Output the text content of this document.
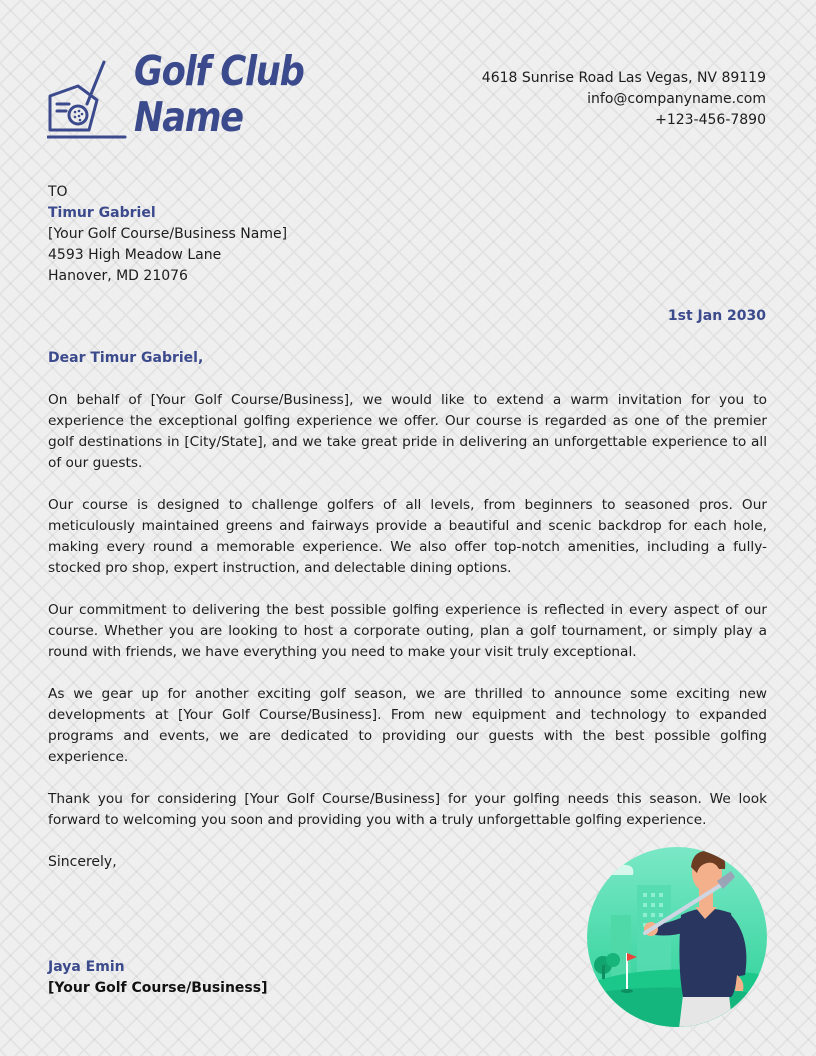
Golf Club Name
4618 Sunrise Road Las Vegas, NV 89119
info@companyname.com
+123-456-7890
TO
Timur Gabriel
[Your Golf Course/Business Name]
4593 High Meadow Lane
Hanover, MD 21076
1st Jan 2030
Dear Timur Gabriel,

On behalf of [Your Golf Course/Business], we would like to extend a warm invitation for you to experience the exceptional golfing experience we offer. Our course is regarded as one of the premier golf destinations in [City/State], and we take great pride in delivering an unforgettable experience to all of our guests.

Our course is designed to challenge golfers of all levels, from beginners to seasoned pros. Our meticulously maintained greens and fairways provide a beautiful and scenic backdrop for each hole, making every round a memorable experience. We also offer top-notch amenities, including a fully-stocked pro shop, expert instruction, and delectable dining options.

Our commitment to delivering the best possible golfing experience is reflected in every aspect of our course. Whether you are looking to host a corporate outing, plan a golf tournament, or simply play a round with friends, we have everything you need to make your visit truly exceptional.

As we gear up for another exciting golf season, we are thrilled to announce some exciting new developments at [Your Golf Course/Business]. From new equipment and technology to expanded programs and events, we are dedicated to providing our guests with the best possible golfing experience.

Thank you for considering [Your Golf Course/Business] for your golfing needs this season. We look forward to welcoming you soon and providing you with a truly unforgettable golfing experience.

Sincerely,
Jaya Emin
[Your Golf Course/Business]
